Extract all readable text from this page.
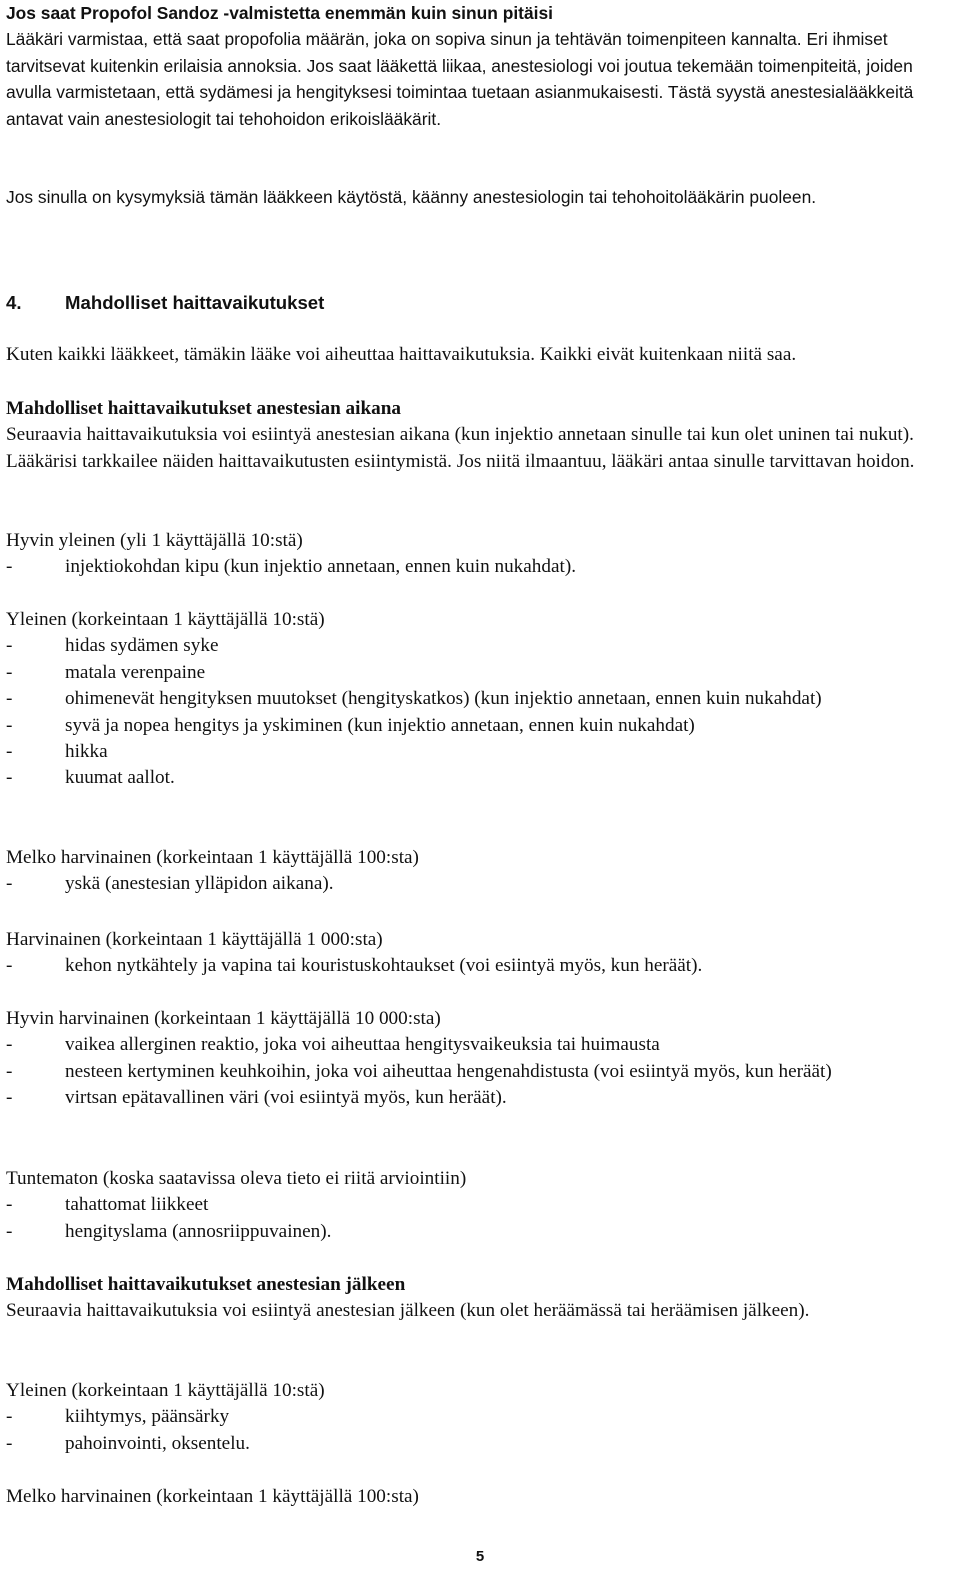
Jos saat Propofol Sandoz -valmistetta enemmän kuin sinun pitäisi

Lääkäri varmistaa, että saat propofolia määrän, joka on sopiva sinun ja tehtävän toimenpiteen kannalta. Eri ihmiset tarvitsevat kuitenkin erilaisia annoksia. Jos saat lääkettä liikaa, anestesiologi voi joutua tekemään toimenpiteitä, joiden avulla varmistetaan, että sydämesi ja hengityksesi toimintaa tuetaan asianmukaisesti. Tästä syystä anestesialääkkeitä antavat vain anestesiologit tai tehohoidon erikoislääkärit.

Jos sinulla on kysymyksiä tämän lääkkeen käytöstä, käänny anestesiologin tai tehohoitolääkärin puoleen.

4.	Mahdolliset haittavaikutukset

Kuten kaikki lääkkeet, tämäkin lääke voi aiheuttaa haittavaikutuksia. Kaikki eivät kuitenkaan niitä saa.

Mahdolliset haittavaikutukset anestesian aikana

Seuraavia haittavaikutuksia voi esiintyä anestesian aikana (kun injektio annetaan sinulle tai kun olet uninen tai nukut). Lääkärisi tarkkailee näiden haittavaikutusten esiintymistä. Jos niitä ilmaantuu, lääkäri antaa sinulle tarvittavan hoidon.

Hyvin yleinen (yli 1 käyttäjällä 10:stä)

-	injektiokohdan kipu (kun injektio annetaan, ennen kuin nukahdat).

Yleinen (korkeintaan 1 käyttäjällä 10:stä)

-	hidas sydämen syke
-	matala verenpaine
-	ohimenevät hengityksen muutokset (hengityskatkos) (kun injektio annetaan, ennen kuin nukahdat)
-	syvä ja nopea hengitys ja yskiminen (kun injektio annetaan, ennen kuin nukahdat)
-	hikka
-	kuumat aallot.

Melko harvinainen (korkeintaan 1 käyttäjällä 100:sta)

-	yskä (anestesian ylläpidon aikana).

Harvinainen (korkeintaan 1 käyttäjällä 1 000:sta)

-	kehon nytkähtely ja vapina tai kouristuskohtaukset (voi esiintyä myös, kun heräät).

Hyvin harvinainen (korkeintaan 1 käyttäjällä 10 000:sta)

-	vaikea allerginen reaktio, joka voi aiheuttaa hengitysvaikeuksia tai huimausta
-	nesteen kertyminen keuhkoihin, joka voi aiheuttaa hengenahdistusta (voi esiintyä myös, kun heräät)
-	virtsan epätavallinen väri (voi esiintyä myös, kun heräät).

Tuntematon (koska saatavissa oleva tieto ei riitä arviointiin)

-	tahattomat liikkeet
-	hengityslama (annosriippuvainen).

Mahdolliset haittavaikutukset anestesian jälkeen

Seuraavia haittavaikutuksia voi esiintyä anestesian jälkeen (kun olet heräämässä tai heräämisen jälkeen).

Yleinen (korkeintaan 1 käyttäjällä 10:stä)

-	kiihtymys, päänsärky
-	pahoinvointi, oksentelu.

Melko harvinainen (korkeintaan 1 käyttäjällä 100:sta)

5
